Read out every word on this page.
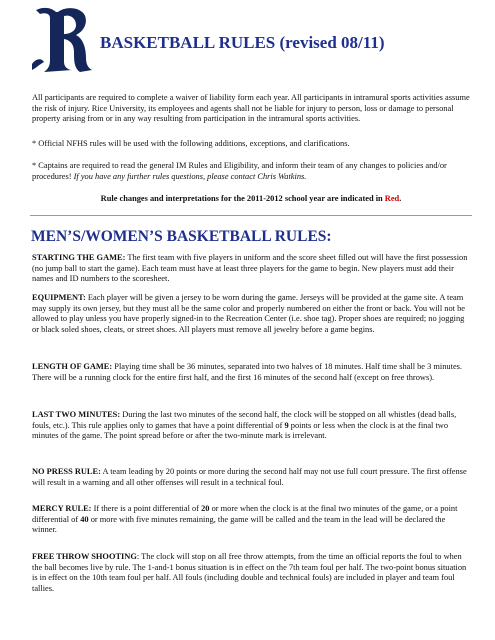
BASKETBALL RULES (revised 08/11)

All participants are required to complete a waiver of liability form each year. All participants in intramural sports activities assume the risk of injury. Rice University, its employees and agents shall not be liable for injury to person, loss or damage to personal property arising from or in any way resulting from participation in the intramural sports activities.

* Official NFHS rules will be used with the following additions, exceptions, and clarifications.

* Captains are required to read the general IM Rules and Eligibility, and inform their team of any changes to policies and/or procedures! If you have any further rules questions, please contact Chris Watkins.

Rule changes and interpretations for the 2011-2012 school year are indicated in Red.

MEN’S/WOMEN’S BASKETBALL RULES:

STARTING THE GAME: The first team with five players in uniform and the score sheet filled out will have the first possession (no jump ball to start the game). Each team must have at least three players for the game to begin. New players must add their names and ID numbers to the scoresheet.

EQUIPMENT: Each player will be given a jersey to be worn during the game. Jerseys will be provided at the game site. A team may supply its own jersey, but they must all be the same color and properly numbered on either the front or back. You will not be allowed to play unless you have properly signed-in to the Recreation Center (i.e. shoe tag). Proper shoes are required; no jogging or black soled shoes, cleats, or street shoes. All players must remove all jewelry before a game begins.

LENGTH OF GAME: Playing time shall be 36 minutes, separated into two halves of 18 minutes. Half time shall be 3 minutes. There will be a running clock for the entire first half, and the first 16 minutes of the second half (except on free throws).

LAST TWO MINUTES: During the last two minutes of the second half, the clock will be stopped on all whistles (dead balls, fouls, etc.). This rule applies only to games that have a point differential of 9 points or less when the clock is at the final two minutes of the game. The point spread before or after the two-minute mark is irrelevant.

NO PRESS RULE: A team leading by 20 points or more during the second half may not use full court pressure. The first offense will result in a warning and all other offenses will result in a technical foul.

MERCY RULE: If there is a point differential of 20 or more when the clock is at the final two minutes of the game, or a point differential of 40 or more with five minutes remaining, the game will be called and the team in the lead will be declared the winner.

FREE THROW SHOOTING: The clock will stop on all free throw attempts, from the time an official reports the foul to when the ball becomes live by rule. The 1-and-1 bonus situation is in effect on the 7th team foul per half. The two-point bonus situation is in effect on the 10th team foul per half. All fouls (including double and technical fouls) are included in player and team foul tallies.
